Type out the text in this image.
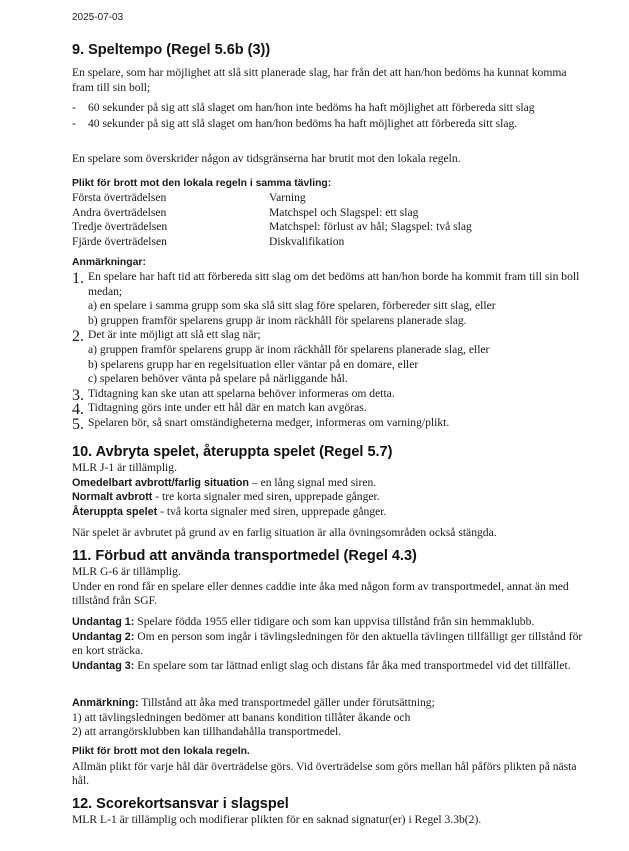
2025-07-03
9. Speltempo (Regel 5.6b (3))

En spelare, som har möjlighet att slå sitt planerade slag, har från det att han/hon bedöms ha kunnat komma fram till sin boll;

- 60 sekunder på sig att slå slaget om han/hon inte bedöms ha haft möjlighet att förbereda sitt slag

- 40 sekunder på sig att slå slaget om han/hon bedöms ha haft möjlighet att förbereda sitt slag.

En spelare som överskrider någon av tidsgränserna har brutit mot den lokala regeln.

Plikt för brott mot den lokala regeln i samma tävling:

Första överträdelsen	Varning
Andra överträdelsen	Matchspel och Slagspel: ett slag
Tredje överträdelsen	Matchspel: förlust av hål; Slagspel: två slag
Fjärde överträdelsen	Diskvalifikation

Anmärkningar:

1. En spelare har haft tid att förbereda sitt slag om det bedöms att han/hon borde ha kommit fram till sin boll medan;

a) en spelare i samma grupp som ska slå sitt slag före spelaren, förbereder sitt slag, eller

b) gruppen framför spelarens grupp är inom räckhåll för spelarens planerade slag.

2. Det är inte möjligt att slå ett slag när;

a) gruppen framför spelarens grupp är inom räckhåll för spelarens planerade slag, eller

b) spelarens grupp har en regelsituation eller väntar på en domare, eller

c) spelaren behöver vänta på spelare på närliggande hål.

3. Tidtagning kan ske utan att spelarna behöver informeras om detta.

4. Tidtagning görs inte under ett hål där en match kan avgöras.

5. Spelaren bör, så snart omständigheterna medger, informeras om varning/plikt.

10. Avbryta spelet, återuppta spelet (Regel 5.7)

MLR J-1 är tillämplig.

Omedelbart avbrott/farlig situation – en lång signal med siren.

Normalt avbrott - tre korta signaler med siren, upprepade gånger.

Återuppta spelet - två korta signaler med siren, upprepade gånger.

När spelet är avbrutet på grund av en farlig situation är alla övningsområden också stängda.

11. Förbud att använda transportmedel (Regel 4.3)

MLR G-6 är tillämplig.

Under en rond får en spelare eller dennes caddie inte åka med någon form av transportmedel, annat än med tillstånd från SGF.

Undantag 1: Spelare födda 1955 eller tidigare och som kan uppvisa tillstånd från sin hemmaklubb.

Undantag 2: Om en person som ingår i tävlingsledningen för den aktuella tävlingen tillfälligt ger tillstånd för en kort sträcka.

Undantag 3: En spelare som tar lättnad enligt slag och distans får åka med transportmedel vid det tillfället.

Anmärkning: Tillstånd att åka med transportmedel gäller under förutsättning;

1) att tävlingsledningen bedömer att banans kondition tillåter åkande och

2) att arrangörsklubben kan tillhandahålla transportmedel.

Plikt för brott mot den lokala regeln.

Allmän plikt för varje hål där överträdelse görs. Vid överträdelse som görs mellan hål påförs plikten på nästa hål.

12. Scorekortsansvar i slagspel

MLR L-1 är tillämplig och modifierar plikten för en saknad signatur(er) i Regel 3.3b(2).
